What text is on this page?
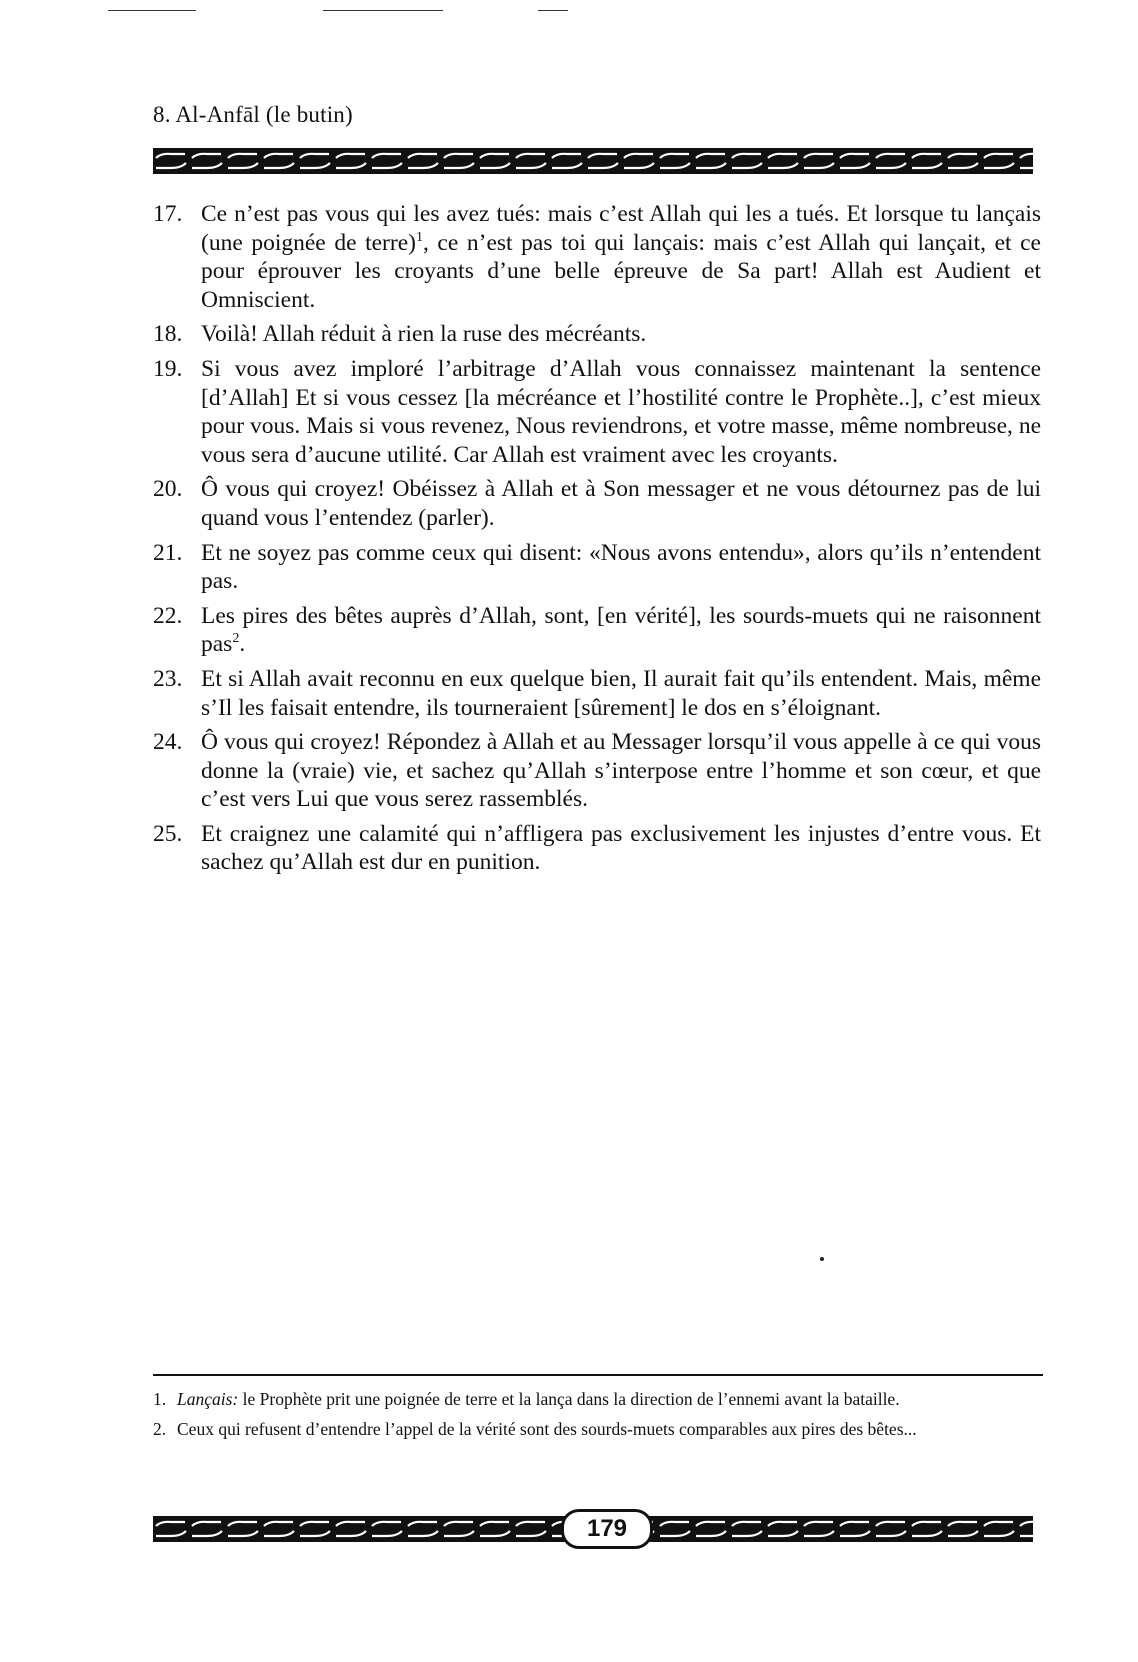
8. Al-Anfāl (le butin)
17. Ce n’est pas vous qui les avez tués: mais c’est Allah qui les a tués. Et lorsque tu lançais (une poignée de terre)$^1$, ce n’est pas toi qui lançais: mais c’est Allah qui lançait, et ce pour éprouver les croyants d’une belle épreuve de Sa part! Allah est Audient et Omniscient.
18. Voilà! Allah réduit à rien la ruse des mécréants.
19. Si vous avez imploré l’arbitrage d’Allah vous connaissez maintenant la sentence [d’Allah] Et si vous cessez [la mécréance et l’hostilité contre le Prophète..], c’est mieux pour vous. Mais si vous revenez, Nous reviendrons, et votre masse, même nombreuse, ne vous sera d’aucune utilité. Car Allah est vraiment avec les croyants.
20. Ô vous qui croyez! Obéissez à Allah et à Son messager et ne vous détournez pas de lui quand vous l’entendez (parler).
21. Et ne soyez pas comme ceux qui disent: «Nous avons entendu», alors qu’ils n’entendent pas.
22. Les pires des bêtes auprès d’Allah, sont, [en vérité], les sourds-muets qui ne raisonnent pas$^2$.
23. Et si Allah avait reconnu en eux quelque bien, Il aurait fait qu’ils entendent. Mais, même s’Il les faisait entendre, ils tourneraient [sûrement] le dos en s’éloignant.
24. Ô vous qui croyez! Répondez à Allah et au Messager lorsqu’il vous appelle à ce qui vous donne la (vraie) vie, et sachez qu’Allah s’interpose entre l’homme et son cœur, et que c’est vers Lui que vous serez rassemblés.
25. Et craignez une calamité qui n’affligera pas exclusivement les injustes d’entre vous. Et sachez qu’Allah est dur en punition.
1. Lançais: le Prophète prit une poignée de terre et la lança dans la direction de l’ennemi avant la bataille.
2. Ceux qui refusent d’entendre l’appel de la vérité sont des sourds-muets comparables aux pires des bêtes...
179
